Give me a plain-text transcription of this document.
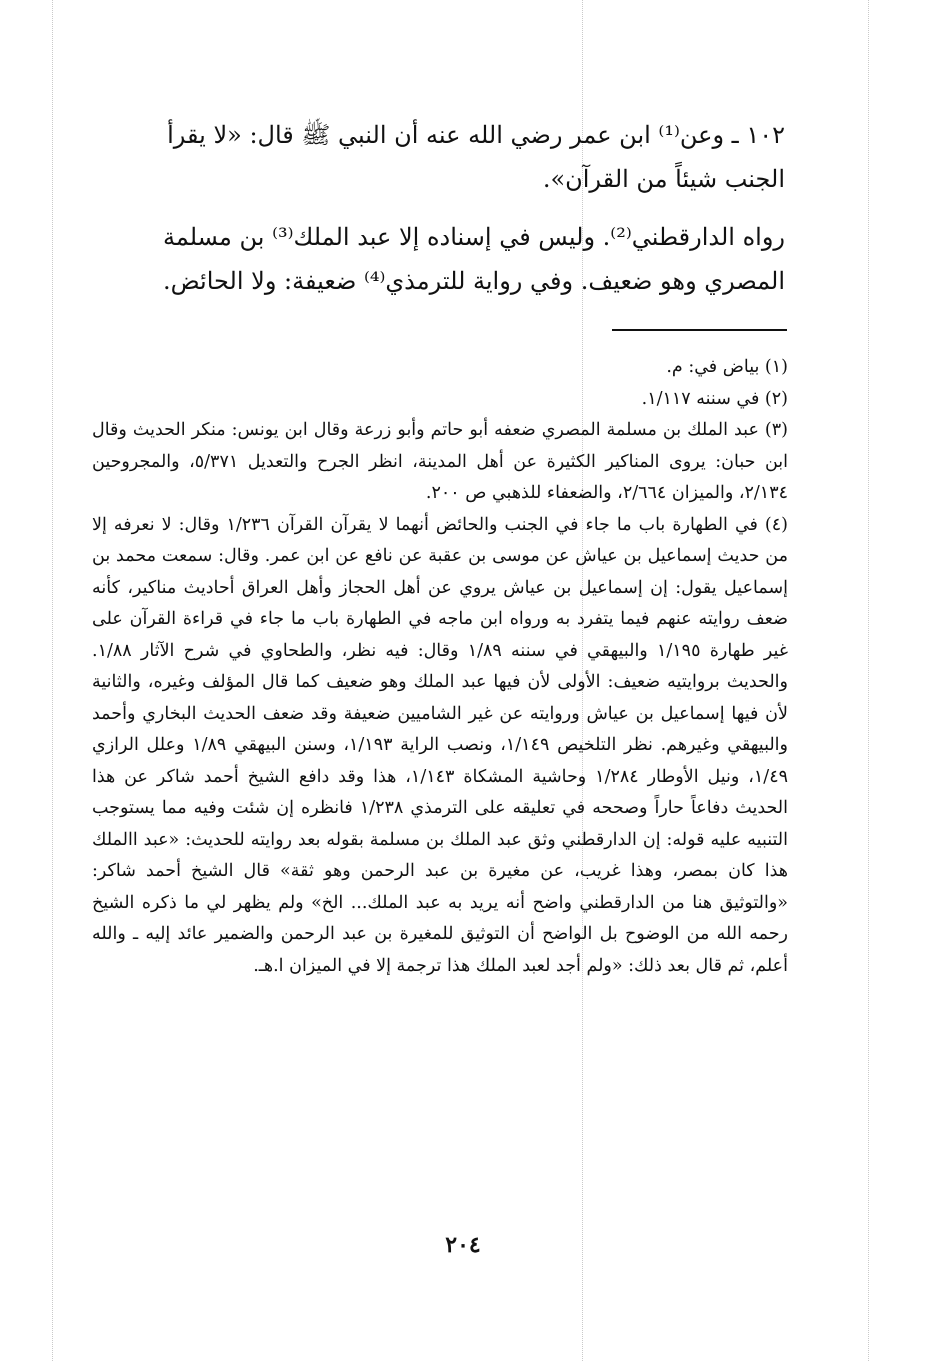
١٠٢ ـ وعن⁽¹⁾ ابن عمر رضي الله عنه أن النبي ﷺ قال: «لا يقرأ

الجنب شيئاً من القرآن».

رواه الدارقطني⁽²⁾. وليس في إسناده إلا عبد الملك⁽³⁾ بن مسلمة

المصري وهو ضعيف. وفي رواية للترمذي⁽⁴⁾ ضعيفة: ولا الحائض.

(١) بياض في: م.

(٢) في سننه ١/١١٧.

(٣) عبد الملك بن مسلمة المصري ضعفه أبو حاتم وأبو زرعة وقال ابن يونس: منكر الحديث وقال ابن حبان: يروى المناكير الكثيرة عن أهل المدينة، انظر الجرح والتعديل ٥/٣٧١، والمجروحين ٢/١٣٤، والميزان ٢/٦٦٤، والضعفاء للذهبي ص ٢٠٠.

(٤) في الطهارة باب ما جاء في الجنب والحائض أنهما لا يقرآن القرآن ١/٢٣٦ وقال: لا نعرفه إلا من حديث إسماعيل بن عياش عن موسى بن عقبة عن نافع عن ابن عمر. وقال: سمعت محمد بن إسماعيل يقول: إن إسماعيل بن عياش يروي عن أهل الحجاز وأهل العراق أحاديث مناكير، كأنه ضعف روايته عنهم فيما يتفرد به ورواه ابن ماجه في الطهارة باب ما جاء في قراءة القرآن على غير طهارة ١/١٩٥ والبيهقي في سننه ١/٨٩ وقال: فيه نظر، والطحاوي في شرح الآثار ١/٨٨. والحديث بروايتيه ضعيف: الأولى لأن فيها عبد الملك وهو ضعيف كما قال المؤلف وغيره، والثانية لأن فيها إسماعيل بن عياش وروايته عن غير الشاميين ضعيفة وقد ضعف الحديث البخاري وأحمد والبيهقي وغيرهم. نظر التلخيص ١/١٤٩، ونصب الراية ١/١٩٣، وسنن البيهقي ١/٨٩ وعلل الرازي ١/٤٩، ونيل الأوطار ١/٢٨٤ وحاشية المشكاة ١/١٤٣، هذا وقد دافع الشيخ أحمد شاكر عن هذا الحديث دفاعاً حاراً وصححه في تعليقه على الترمذي ١/٢٣٨ فانظره إن شئت وفيه مما يستوجب التنبيه عليه قوله: إن الدارقطني وثق عبد الملك بن مسلمة بقوله بعد روايته للحديث: «عبد االملك هذا كان بمصر، وهذا غريب، عن مغيرة بن عبد الرحمن وهو ثقة» قال الشيخ أحمد شاكر: «والتوثيق هنا من الدارقطني واضح أنه يريد به عبد الملك... الخ» ولم يظهر لي ما ذكره الشيخ رحمه الله من الوضوح بل الواضح أن التوثيق للمغيرة بن عبد الرحمن والضمير عائد إليه ـ والله أعلم، ثم قال بعد ذلك: «ولم أجد لعبد الملك هذا ترجمة إلا في الميزان ا.هـ.

٢٠٤
